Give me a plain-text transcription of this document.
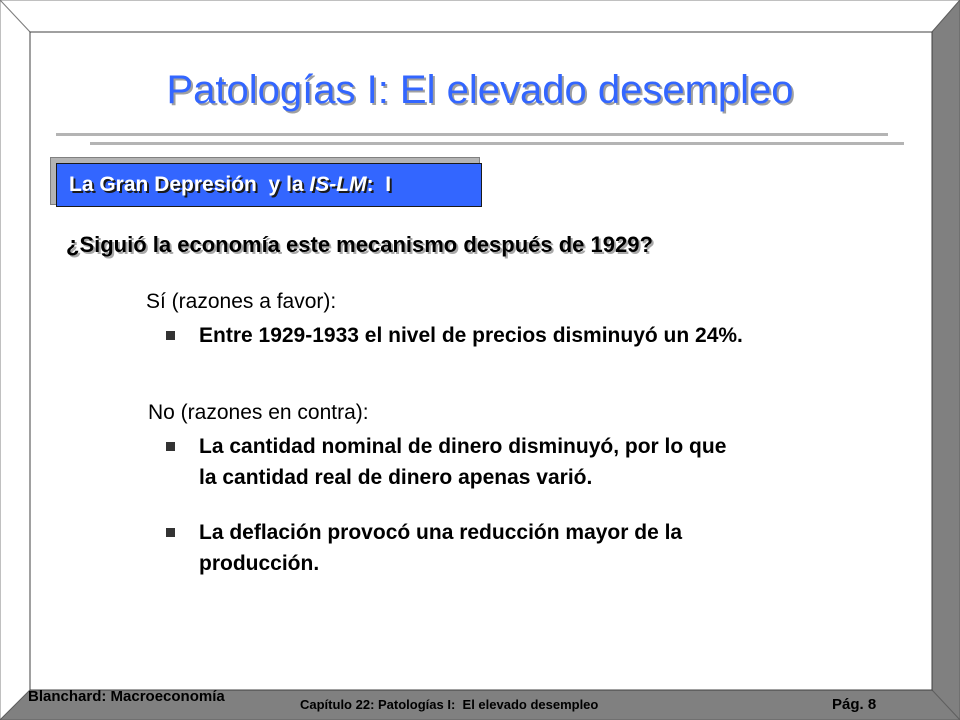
Patologías I: El elevado desempleo
La Gran Depresión  y la IS-LM:  I
¿Siguió la economía este mecanismo después de 1929?
Sí (razones a favor):
Entre 1929-1933 el nivel de precios disminuyó un 24%.
No (razones en contra):
La cantidad nominal de dinero disminuyó, por lo que
la cantidad real de dinero apenas varió.
La deflación provocó una reducción mayor de la
producción.
Blanchard: Macroeconomía	Capítulo 22: Patologías I:  El elevado desempleo	Pág. 8
